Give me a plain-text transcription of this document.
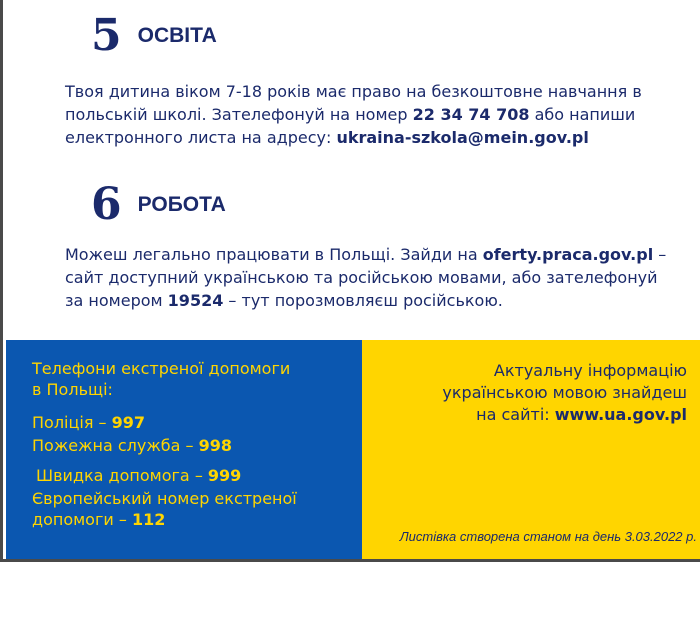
5 ОСВІТА
Твоя дитина віком 7-18 років має право на безкоштовне навчання в польській школі. Зателефонуй на номер 22 34 74 708 або напиши електронного листа на адресу: ukraina-szkola@mein.gov.pl
6 РОБОТА
Можеш легально працювати в Польщі. Зайди на oferty.praca.gov.pl – сайт доступний українською та російською мовами, або зателефонуй за номером 19524 – тут порозмовляєш російською.
Телефони екстреної допомоги
в Польщі:
Поліція – 997
Пожежна служба – 998
Швидка допомога – 999
Європейський номер екстреної
допомоги – 112
Актуальну інформацію
українською мовою знайдеш
на сайті: www.ua.gov.pl
Листівка створена станом на день 3.03.2022 р.
